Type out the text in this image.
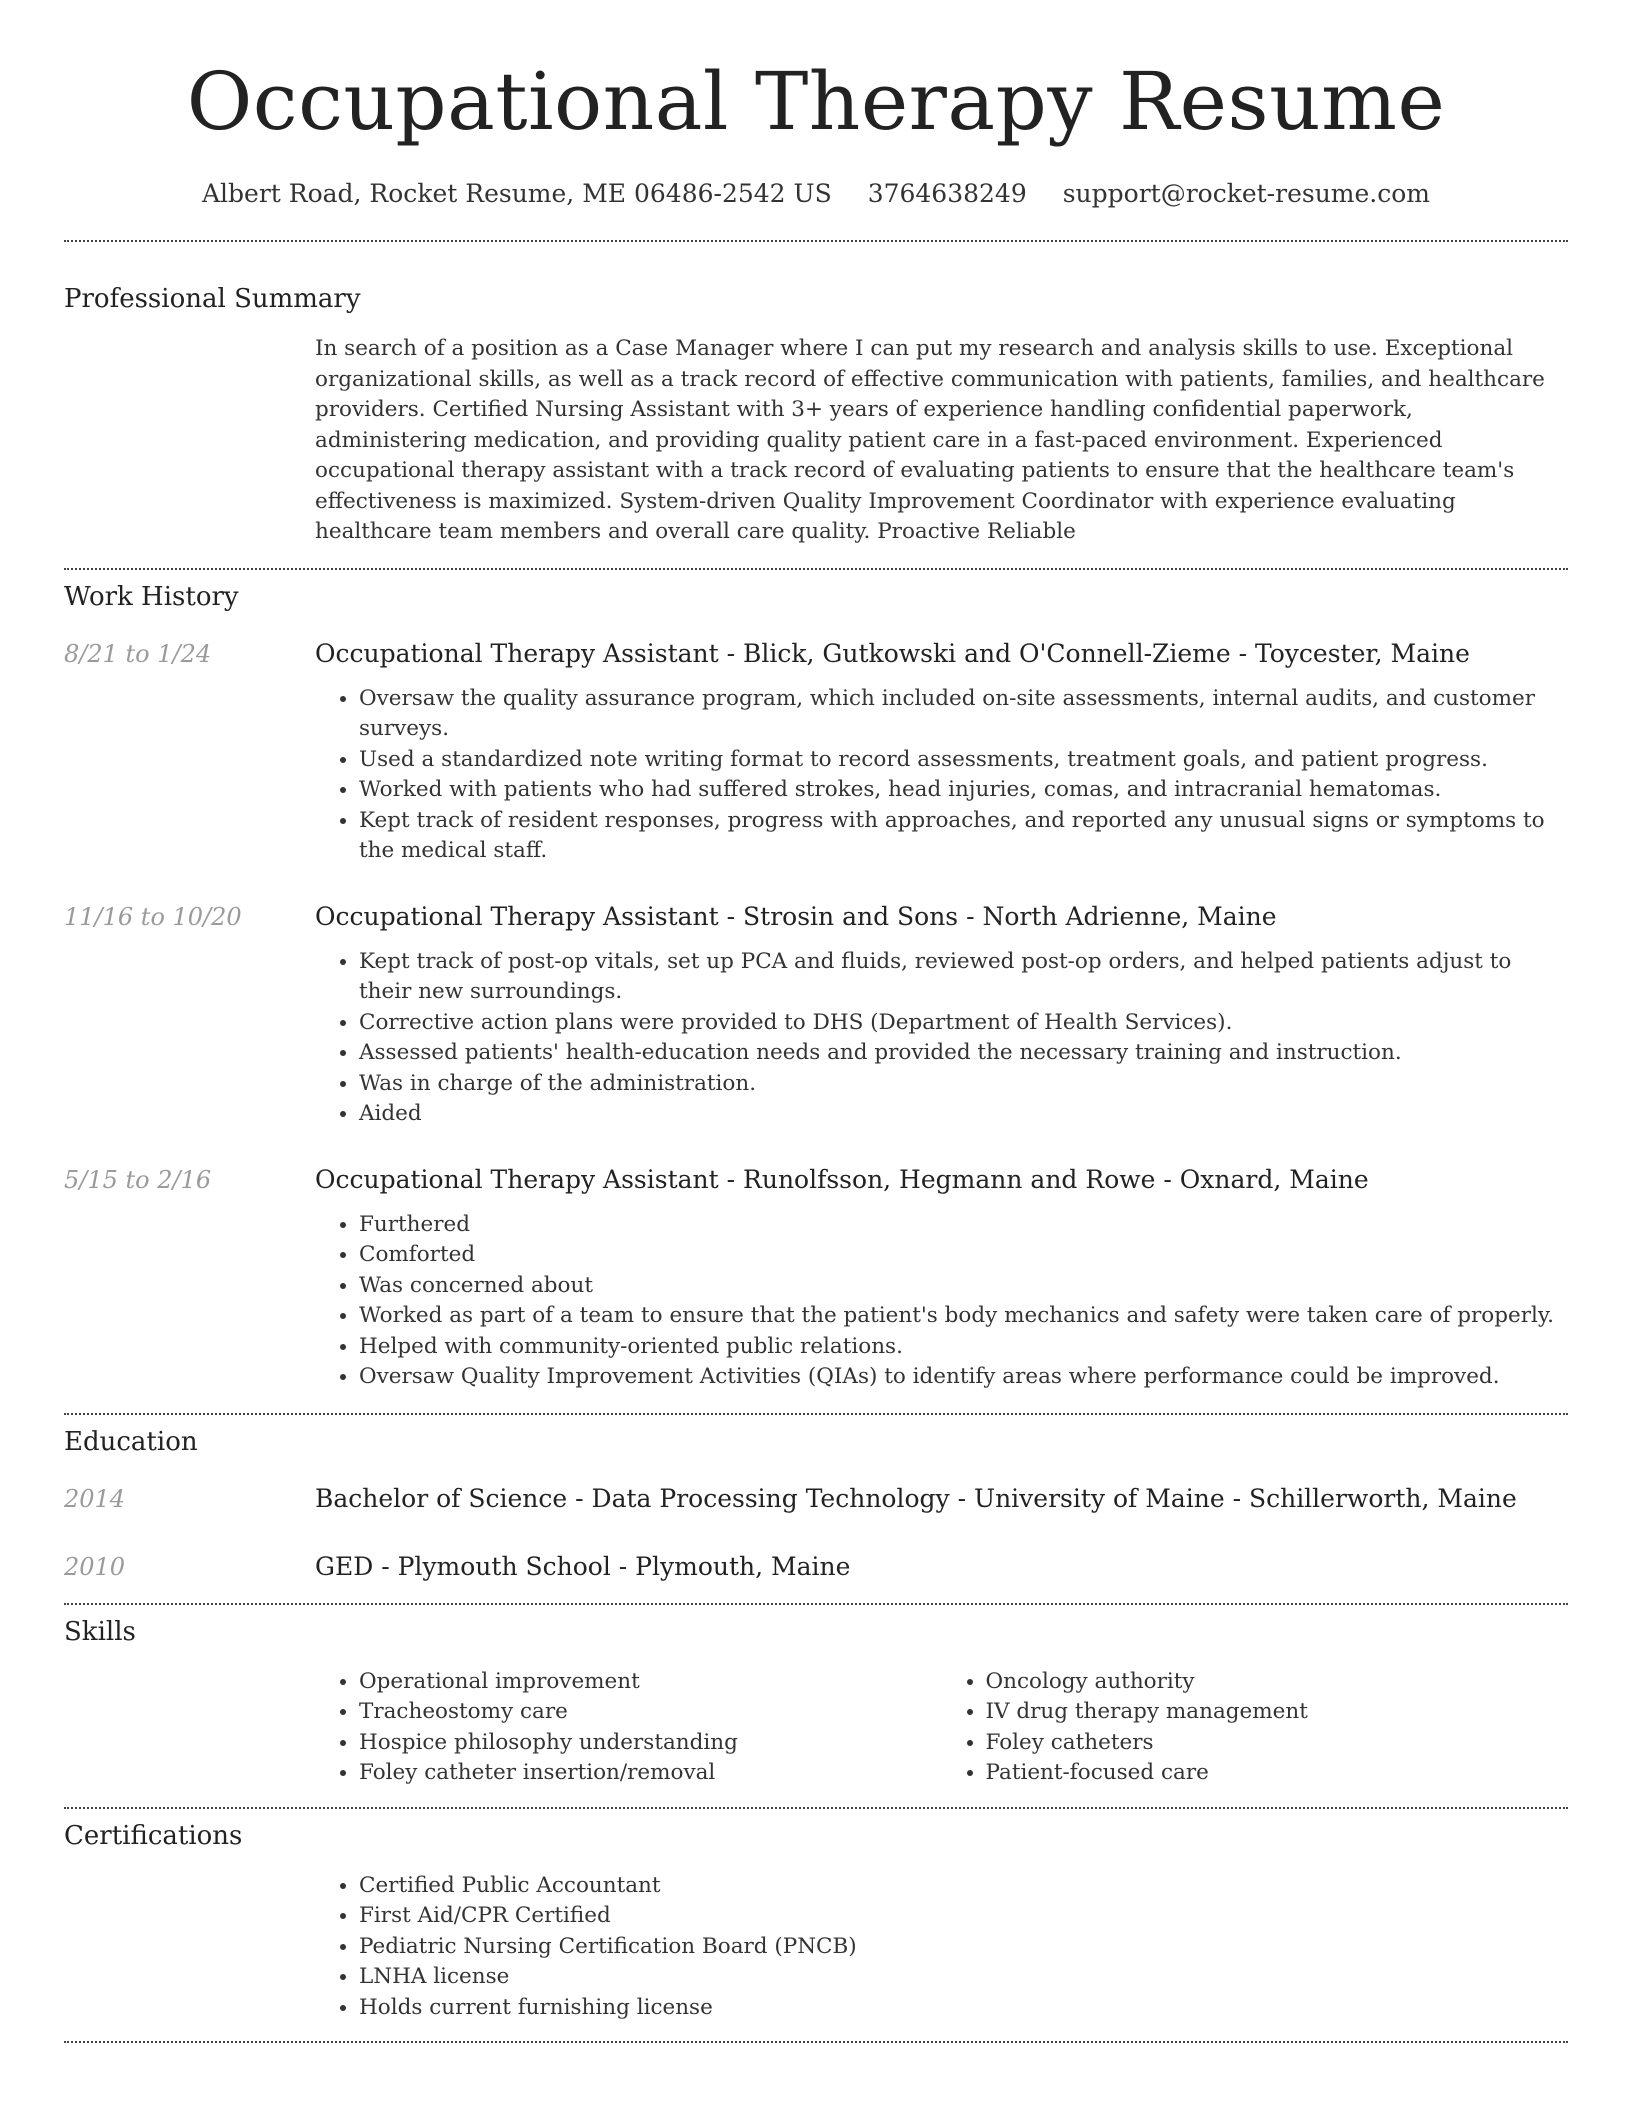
Occupational Therapy Resume
Albert Road, Rocket Resume, ME 06486-2542 US 3764638249 support@rocket-resume.com
Professional Summary
In search of a position as a Case Manager where I can put my research and analysis skills to use. Exceptional organizational skills, as well as a track record of effective communication with patients, families, and healthcare providers. Certified Nursing Assistant with 3+ years of experience handling confidential paperwork, administering medication, and providing quality patient care in a fast-paced environment. Experienced occupational therapy assistant with a track record of evaluating patients to ensure that the healthcare team's effectiveness is maximized. System-driven Quality Improvement Coordinator with experience evaluating healthcare team members and overall care quality. Proactive Reliable
Work History
8/21 to 1/24	Occupational Therapy Assistant - Blick, Gutkowski and O'Connell-Zieme - Toycester, Maine
• Oversaw the quality assurance program, which included on-site assessments, internal audits, and customer surveys.
• Used a standardized note writing format to record assessments, treatment goals, and patient progress.
• Worked with patients who had suffered strokes, head injuries, comas, and intracranial hematomas.
• Kept track of resident responses, progress with approaches, and reported any unusual signs or symptoms to the medical staff.
11/16 to 10/20	Occupational Therapy Assistant - Strosin and Sons - North Adrienne, Maine
• Kept track of post-op vitals, set up PCA and fluids, reviewed post-op orders, and helped patients adjust to their new surroundings.
• Corrective action plans were provided to DHS (Department of Health Services).
• Assessed patients' health-education needs and provided the necessary training and instruction.
• Was in charge of the administration.
• Aided
5/15 to 2/16	Occupational Therapy Assistant - Runolfsson, Hegmann and Rowe - Oxnard, Maine
• Furthered
• Comforted
• Was concerned about
• Worked as part of a team to ensure that the patient's body mechanics and safety were taken care of properly.
• Helped with community-oriented public relations.
• Oversaw Quality Improvement Activities (QIAs) to identify areas where performance could be improved.
Education
2014	Bachelor of Science - Data Processing Technology - University of Maine - Schillerworth, Maine
2010	GED - Plymouth School - Plymouth, Maine
Skills
• Operational improvement
• Tracheostomy care
• Hospice philosophy understanding
• Foley catheter insertion/removal
• Oncology authority
• IV drug therapy management
• Foley catheters
• Patient-focused care
Certifications
• Certified Public Accountant
• First Aid/CPR Certified
• Pediatric Nursing Certification Board (PNCB)
• LNHA license
• Holds current furnishing license
